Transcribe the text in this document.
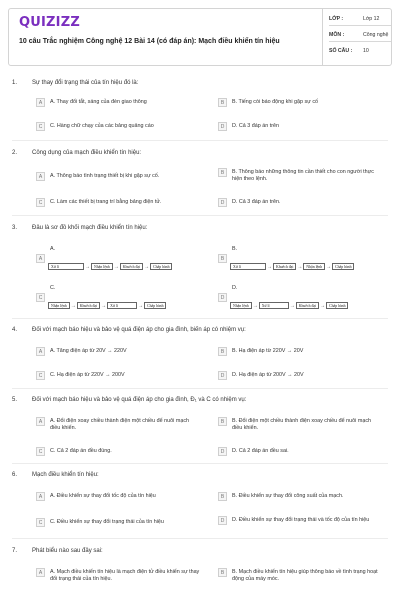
QUIZIZZ
10 câu Trắc nghiệm Công nghệ 12 Bài 14 (có đáp án): Mạch điều khiển tín hiệu
LỚP :	Lớp 12
MÔN :	Công nghệ
SỐ CÂU : 10
1. Sự thay đổi trạng thái của tín hiệu đó là:
A	A. Thay đổi tắt, sáng của đèn giao thông	B	B. Tiếng còi báo động khi gặp sự cố
C	C. Hàng chữ chạy của các bảng quảng cáo	D	D. Cả 3 đáp án trên
2. Công dụng của mạch điều khiển tín hiệu:
A	A. Thông báo tình trạng thiết bị khi gặp sự cố.
B	B. Thông báo những thông tin cần thiết cho con người thực hiện theo lệnh.
C	C. Làm các thiết bị trang trí bằng bảng điện tử.	D	D. Cả 3 đáp án trên.
3. Đâu là sơ đồ khối mạch điều khiển tín hiệu:
A
A.
Xử lí	→	Nhận lệnh →	Khuếch đại →	Chấp hành
B
B.
Xử lí	→	Khuếch đại →	Nhận lệnh →	Chấp hành
C
C.
Nhận lệnh →	Khuếch đại →	Xử lí	→	Chấp hành
D
D.
Nhận lệnh →	Xử lí	→	Khuếch đại →	Chấp hành
4. Đối với mạch báo hiệu và bảo vệ quá điện áp cho gia đình, biến áp có nhiệm vụ:
A	A. Tăng điện áp từ 20V → 220V	B	B. Hạ điện áp từ 220V → 20V
C	C. Hạ điện áp từ 220V → 200V	D	D. Hạ điện áp từ 200V → 20V
5. Đối với mạch báo hiệu và bảo vệ quá điện áp cho gia đình, Đ₁ và C có nhiệm vụ:
A	A. Đổi điện xoay chiều thành điện một chiều để nuôi mạch điều khiển.
B	B. Đổi điện một chiều thành điện xoay chiều để nuôi mạch điều khiển.
C	C. Cả 2 đáp án đều đúng.	D	D. Cả 2 đáp án đều sai.
6. Mạch điều khiển tín hiệu:
A	A. Điều khiển sự thay đổi tốc độ của tín hiệu	B	B. Điều khiển sự thay đổi công suất của mạch.
C	C. Điều khiển sự thay đổi trạng thái của tín hiệu	D	D. Điều khiển sự thay đổi trạng thái và tốc độ của tín hiệu
7. Phát biểu nào sau đây sai:
A	A. Mạch điều khiển tín hiệu là mạch điện tử điều khiển sự thay đổi trạng thái của tín hiệu.
B	B. Mạch điều khiển tín hiệu giúp thông báo về tình trạng hoạt động của máy móc.
